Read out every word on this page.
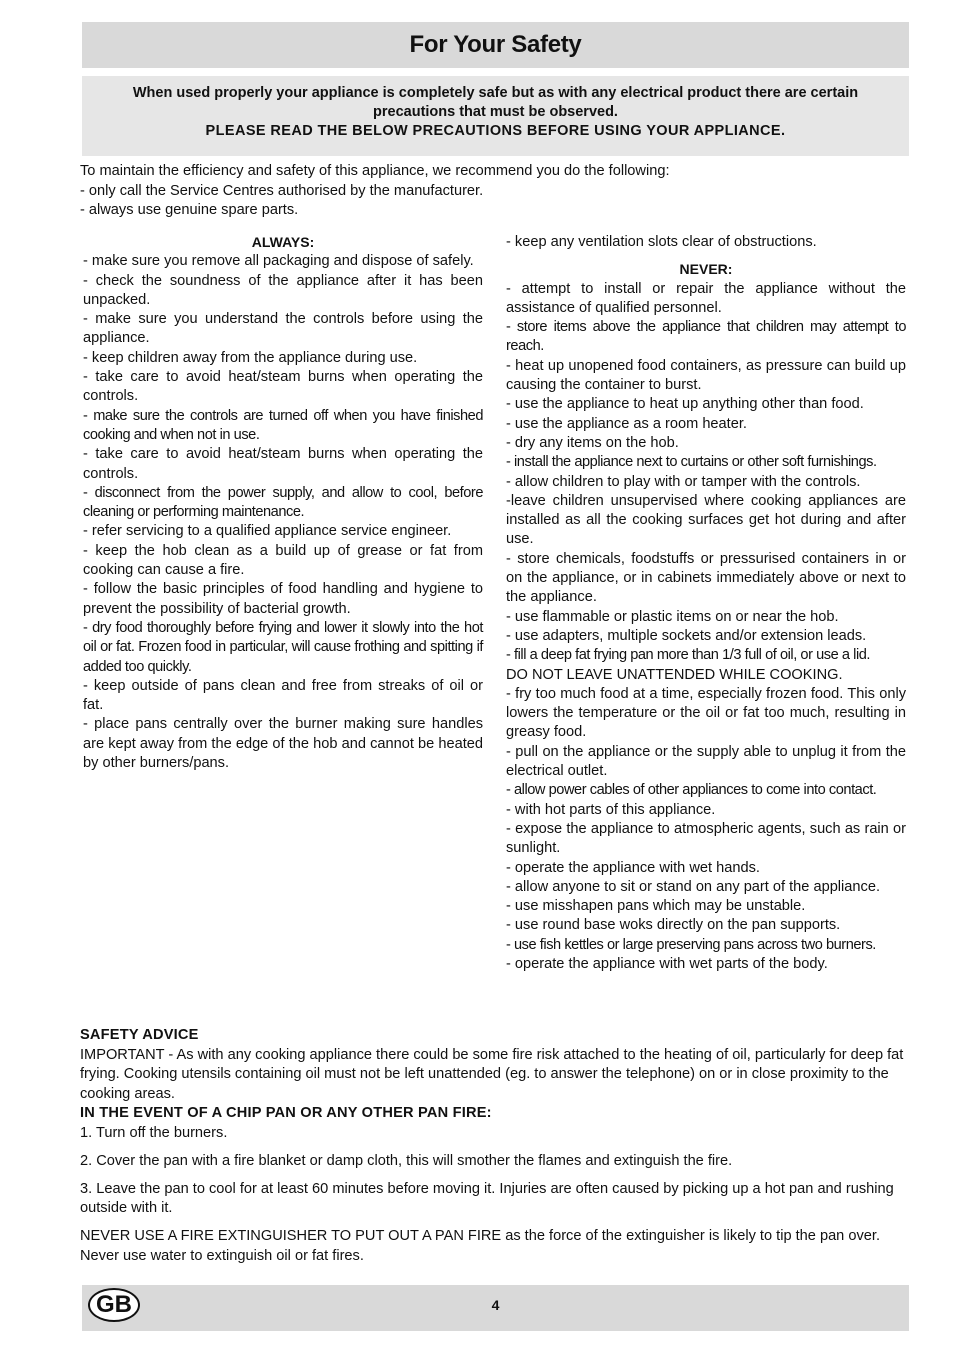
For Your Safety

When used properly your appliance is completely safe but as with any electrical product there are certain precautions that must be observed.

PLEASE READ THE BELOW PRECAUTIONS BEFORE USING YOUR APPLIANCE.

To maintain the efficiency and safety of this appliance, we recommend you do the following:
- only call the Service Centres authorised by the manufacturer.
- always use genuine spare parts.
ALWAYS:
- make sure you remove all packaging and dispose of safely.
- check the soundness of the appliance after it has been unpacked.
- make sure you understand the controls before using the appliance.
- keep children away from the appliance during use.
- take care to avoid heat/steam burns when operating the controls.
- make sure the controls are turned off when you have finished cooking and when not in use.
- take care to avoid heat/steam burns when operating the controls.
- disconnect from the power supply, and allow to cool, before cleaning or performing maintenance.
- refer servicing to a qualified appliance service engineer.
- keep the hob clean as a build up of grease or fat from cooking can cause a fire.
- follow the basic principles of food handling and hygiene to prevent the possibility of bacterial growth.
- dry food thoroughly before frying and lower it slowly into the hot oil or fat. Frozen food in particular, will cause frothing and spitting if added too quickly.
- keep outside of pans clean and free from streaks of oil or fat.
- place pans centrally over the burner making sure handles are kept away from the edge of the hob and cannot be heated by other burners/pans.
- keep any ventilation slots clear of obstructions.
NEVER:
- attempt to install or repair the appliance without the assistance of qualified personnel.
- store items above the appliance that children may attempt to reach.
- heat up unopened food containers, as pressure can build up causing the container to burst.
- use the appliance to heat up anything other than food.
- use the appliance as a room heater.
- dry any items on the hob.
- install the appliance next to curtains or other soft furnishings.
- allow children to play with or tamper with the controls.
-leave children unsupervised where cooking appliances are installed as all the cooking surfaces get hot during and after use.
- store chemicals, foodstuffs or pressurised containers in or on the appliance, or in cabinets immediately above or next to the appliance.
- use flammable or plastic items on or near the hob.
- use adapters, multiple sockets and/or extension leads.
- fill a deep fat frying pan more than 1/3 full of oil, or use a lid.
DO NOT LEAVE UNATTENDED WHILE COOKING.
- fry too much food at a time, especially frozen food. This only lowers the temperature or the oil or fat too much, resulting in greasy food.
- pull on the appliance or the supply able to unplug it from the electrical outlet.
- allow power cables of other appliances to come into contact.
- with hot parts of this appliance.
- expose the appliance to atmospheric agents, such as rain or sunlight.
- operate the appliance with wet hands.
- allow anyone to sit or stand on any part of the appliance.
- use misshapen pans which may be unstable.
- use round base woks directly on the pan supports.
- use fish kettles or large preserving pans across two burners.
- operate the appliance with wet parts of the body.

SAFETY ADVICE

IMPORTANT - As with any cooking appliance there could be some fire risk attached to the heating of oil, particularly for deep fat frying. Cooking utensils containing oil must not be left unattended (eg. to answer the telephone) on or in close proximity to the cooking areas.

IN THE EVENT OF A CHIP PAN OR ANY OTHER PAN FIRE:

1. Turn off the burners.

2. Cover the pan with a fire blanket or damp cloth, this will smother the flames and extinguish the fire.

3. Leave the pan to cool for at least 60 minutes before moving it. Injuries are often caused by picking up a hot pan and rushing outside with it.

NEVER USE A FIRE EXTINGUISHER TO PUT OUT A PAN FIRE as the force of the extinguisher is likely to tip the pan over. Never use water to extinguish oil or fat fires.

GB	4
